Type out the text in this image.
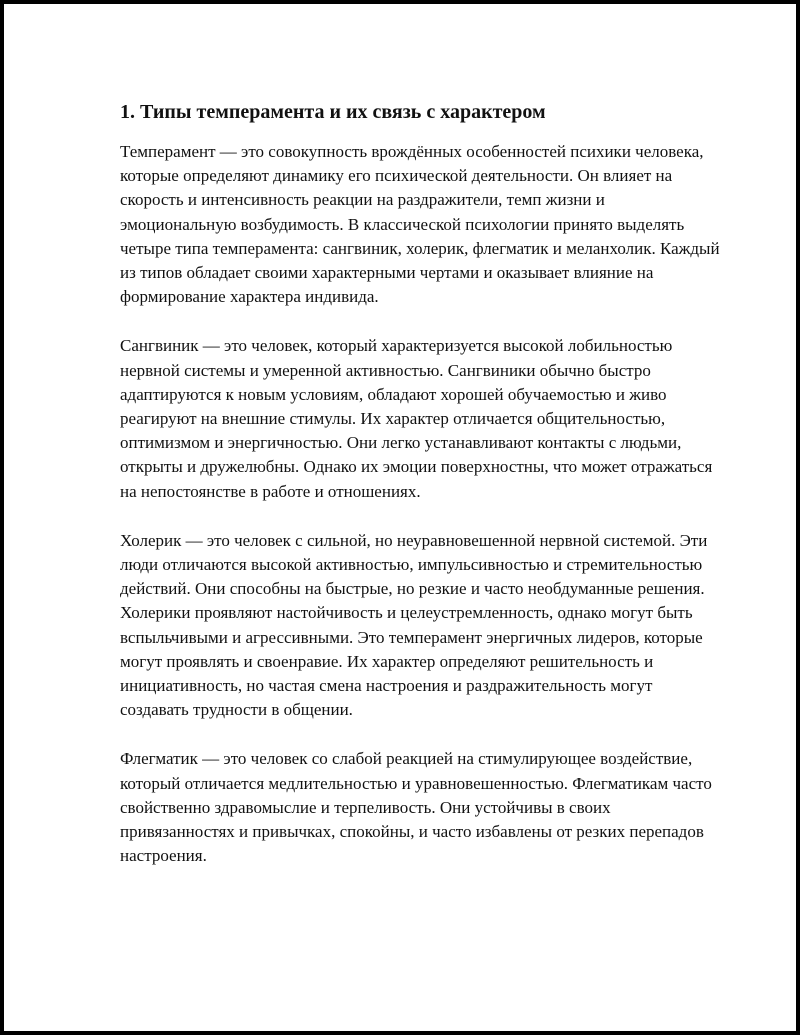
1. Типы темперамента и их связь с характером

Темперамент — это совокупность врождённых особенностей психики человека, которые определяют динамику его психической деятельности. Он влияет на скорость и интенсивность реакции на раздражители, темп жизни и эмоциональную возбудимость. В классической психологии принято выделять четыре типа темперамента: сангвиник, холерик, флегматик и меланхолик. Каждый из типов обладает своими характерными чертами и оказывает влияние на формирование характера индивида.

Сангвиник — это человек, который характеризуется высокой лобильностью нервной системы и умеренной активностью. Сангвиники обычно быстро адаптируются к новым условиям, обладают хорошей обучаемостью и живо реагируют на внешние стимулы. Их характер отличается общительностью, оптимизмом и энергичностью. Они легко устанавливают контакты с людьми, открыты и дружелюбны. Однако их эмоции поверхностны, что может отражаться на непостоянстве в работе и отношениях.

Холерик — это человек с сильной, но неуравновешенной нервной системой. Эти люди отличаются высокой активностью, импульсивностью и стремительностью действий. Они способны на быстрые, но резкие и часто необдуманные решения. Холерики проявляют настойчивость и целеустремленность, однако могут быть вспыльчивыми и агрессивными. Это темперамент энергичных лидеров, которые могут проявлять и своенравие. Их характер определяют решительность и инициативность, но частая смена настроения и раздражительность могут создавать трудности в общении.

Флегматик — это человек со слабой реакцией на стимулирующее воздействие, который отличается медлительностью и уравновешенностью. Флегматикам часто свойственно здравомыслие и терпеливость. Они устойчивы в своих привязанностях и привычках, спокойны, и часто избавлены от резких перепадов настроения.
